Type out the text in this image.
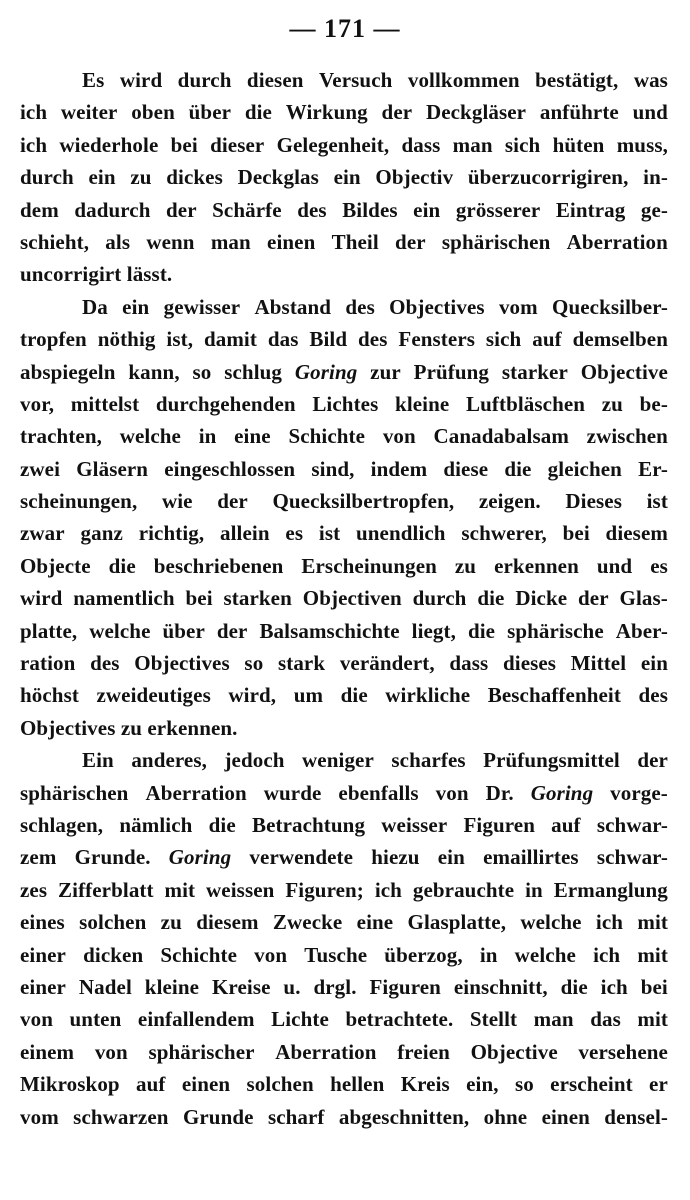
— 171 —
Es wird durch diesen Versuch vollkommen bestätigt, was
ich weiter oben über die Wirkung der Deckgläser anführte und
ich wiederhole bei dieser Gelegenheit, dass man sich hüten muss,
durch ein zu dickes Deckglas ein Objectiv überzucorrigiren, in-
dem dadurch der Schärfe des Bildes ein grösserer Eintrag ge-
schieht, als wenn man einen Theil der sphärischen Aberration
uncorrigirt lässt.
Da ein gewisser Abstand des Objectives vom Quecksilber-
tropfen nöthig ist, damit das Bild des Fensters sich auf demselben
abspiegeln kann, so schlug Goring zur Prüfung starker Objective
vor, mittelst durchgehenden Lichtes kleine Luftbläschen zu be-
trachten, welche in eine Schichte von Canadabalsam zwischen
zwei Gläsern eingeschlossen sind, indem diese die gleichen Er-
scheinungen, wie der Quecksilbertropfen, zeigen. Dieses ist
zwar ganz richtig, allein es ist unendlich schwerer, bei diesem
Objecte die beschriebenen Erscheinungen zu erkennen und es
wird namentlich bei starken Objectiven durch die Dicke der Glas-
platte, welche über der Balsamschichte liegt, die sphärische Aber-
ration des Objectives so stark verändert, dass dieses Mittel ein
höchst zweideutiges wird, um die wirkliche Beschaffenheit des
Objectives zu erkennen.
Ein anderes, jedoch weniger scharfes Prüfungsmittel der
sphärischen Aberration wurde ebenfalls von Dr. Goring vorge-
schlagen, nämlich die Betrachtung weisser Figuren auf schwar-
zem Grunde. Goring verwendete hiezu ein emaillirtes schwar-
zes Zifferblatt mit weissen Figuren; ich gebrauchte in Ermanglung
eines solchen zu diesem Zwecke eine Glasplatte, welche ich mit
einer dicken Schichte von Tusche überzog, in welche ich mit
einer Nadel kleine Kreise u. drgl. Figuren einschnitt, die ich bei
von unten einfallendem Lichte betrachtete. Stellt man das mit
einem von sphärischer Aberration freien Objective versehene
Mikroskop auf einen solchen hellen Kreis ein, so erscheint er
vom schwarzen Grunde scharf abgeschnitten, ohne einen densel-
